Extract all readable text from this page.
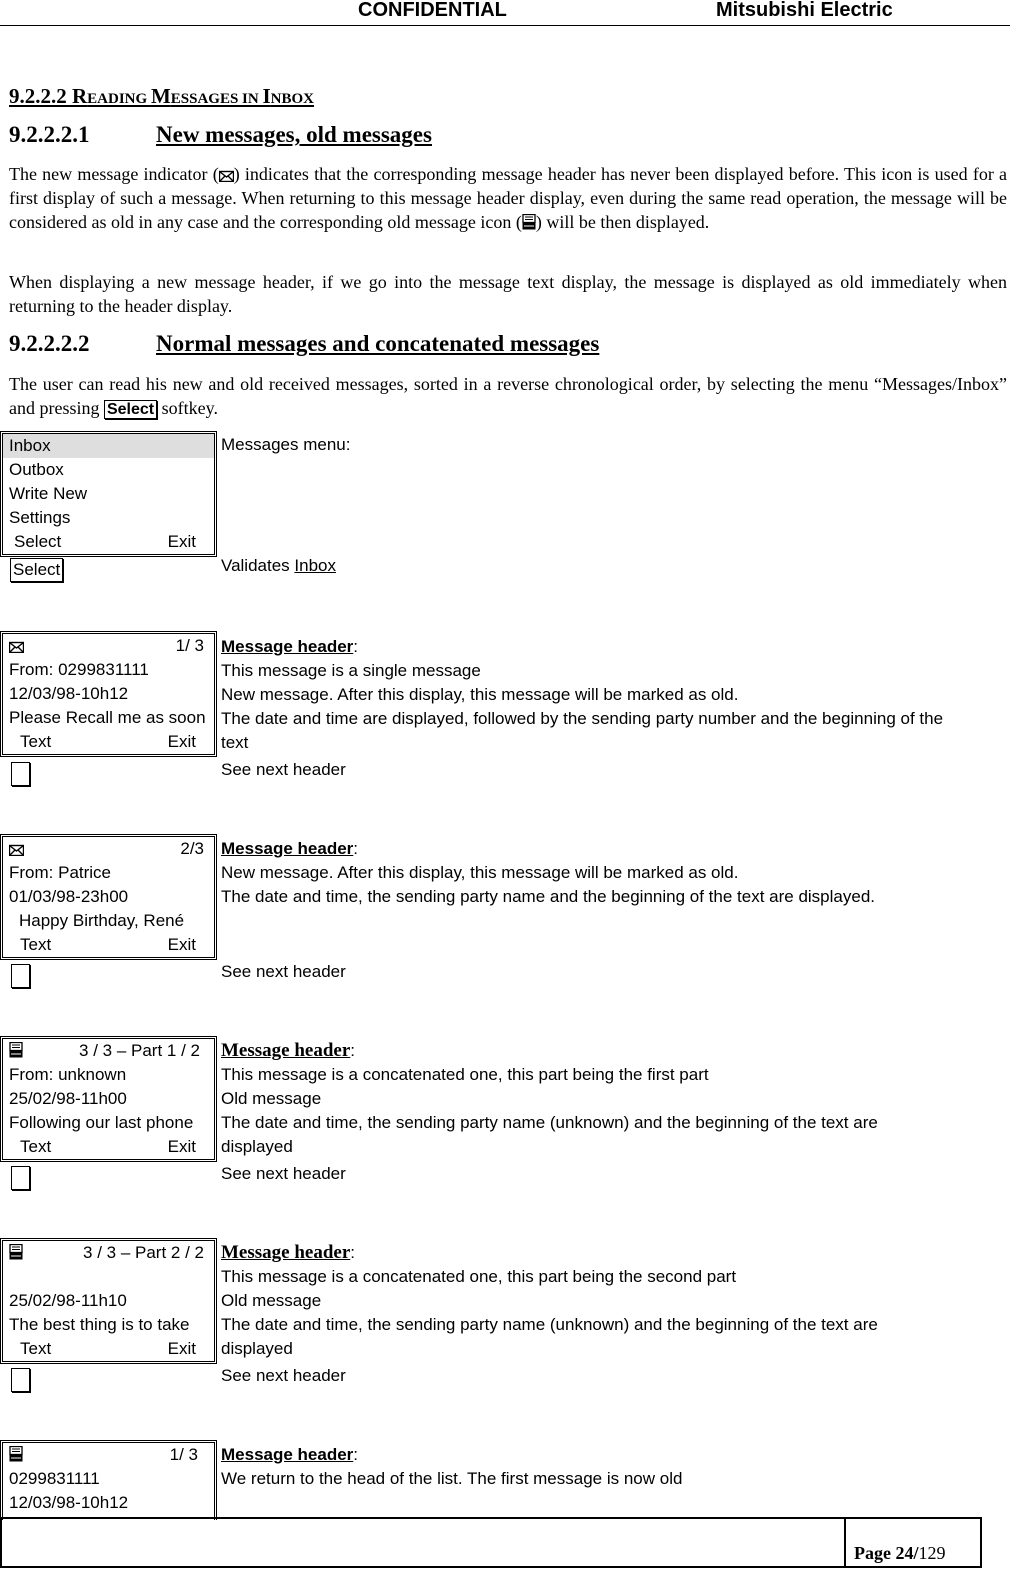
CONFIDENTIAL	Mitsubishi Electric
9.2.2.2 READING MESSAGES IN INBOX
9.2.2.2.1	New messages, old messages
The new message indicator ( ) indicates that the corresponding message header has never been displayed before. This icon is used for a first display of such a message. When returning to this message header display, even during the same read operation, the message will be considered as old in any case and the corresponding old message icon ( ) will be then displayed.
When displaying a new message header, if we go into the message text display, the message is displayed as old immediately when returning to the header display.
9.2.2.2.2	Normal messages and concatenated messages
The user can read his new and old received messages, sorted in a reverse chronological order, by selecting the menu “Messages/Inbox” and pressing Select softkey.
Inbox
Outbox
Write New
Settings
Select	Exit
Messages menu:
Select	Validates Inbox
1/ 3
From: 0299831111
12/03/98-10h12
Please Recall me as soon
Text	Exit
Message header:
This message is a single message
New message. After this display, this message will be marked as old.
The date and time are displayed, followed by the sending party number and the beginning of the
text
See next header
2/3
From: Patrice
01/03/98-23h00
Happy Birthday, René
Text	Exit
Message header:
New message. After this display, this message will be marked as old.
The date and time, the sending party name and the beginning of the text are displayed.
See next header
3 / 3 – Part 1 / 2
From: unknown
25/02/98-11h00
Following our last phone
Text	Exit
Message header:
This message is a concatenated one, this part being the first part
Old message
The date and time, the sending party name (unknown) and the beginning of the text are
displayed
See next header
3 / 3 – Part 2 / 2
25/02/98-11h10
The best thing is to take
Text	Exit
Message header:
This message is a concatenated one, this part being the second part
Old message
The date and time, the sending party name (unknown) and the beginning of the text are
displayed
See next header
1/ 3
0299831111
12/03/98-10h12
Message header:
We return to the head of the list. The first message is now old
Page 24/129
